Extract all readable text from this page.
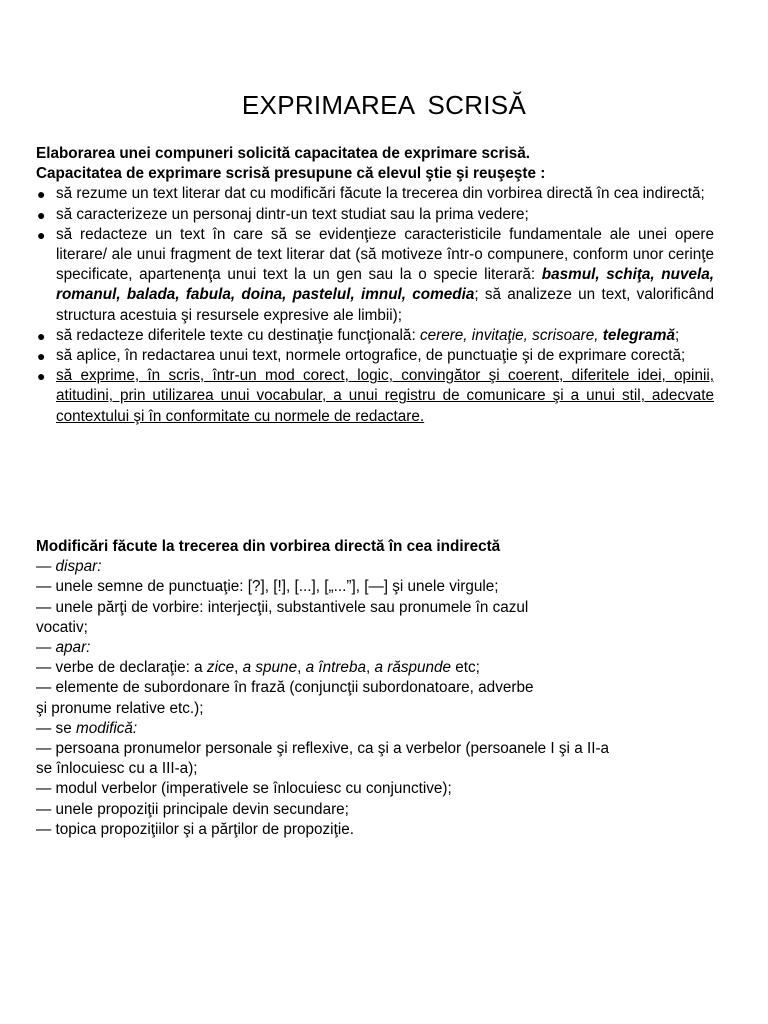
EXPRIMAREA SCRISĂ
Elaborarea unei compuneri solicită capacitatea de exprimare scrisă.
Capacitatea de exprimare scrisă presupune că elevul ştie şi reuşeşte :
● să rezume un text literar dat cu modificări făcute la trecerea din vorbirea directă în cea indirectă;
● să caracterizeze un personaj dintr-un text studiat sau la prima vedere;
● să redacteze un text în care să se evidenţieze caracteristicile fundamentale ale unei opere literare/ ale unui fragment de text literar dat (să motiveze într-o compunere, conform unor cerinţe specificate, apartenenţa unui text la un gen sau la o specie literară: basmul, schiţa, nuvela, romanul, balada, fabula, doina, pastelul, imnul, comedia; să analizeze un text, valorificând structura acestuia şi resursele expresive ale limbii);
● să redacteze diferitele texte cu destinaţie funcţională: cerere, invitaţie, scrisoare, telegramă;
● să aplice, în redactarea unui text, normele ortografice, de punctuaţie şi de exprimare corectă;
● să exprime, în scris, într-un mod corect, logic, convingător şi coerent, diferitele idei, opinii, atitudini, prin utilizarea unui vocabular, a unui registru de comunicare şi a unui stil, adecvate contextului şi în conformitate cu normele de redactare.
Modificări făcute la trecerea din vorbirea directă în cea indirectă
— dispar:
— unele semne de punctuaţie: [?], [!], [...], [„...”], [—] şi unele virgule;
— unele părţi de vorbire: interjecţii, substantivele sau pronumele în cazul
vocativ;
— apar:
— verbe de declaraţie: a zice, a spune, a întreba, a răspunde etc;
— elemente de subordonare în frază (conjuncţii subordonatoare, adverbe
şi pronume relative etc.);
— se modifică:
— persoana pronumelor personale şi reflexive, ca şi a verbelor (persoanele I şi a II-a
se înlocuiesc cu a III-a);
— modul verbelor (imperativele se înlocuiesc cu conjunctive);
— unele propoziţii principale devin secundare;
— topica propoziţiilor şi a părţilor de propoziţie.
